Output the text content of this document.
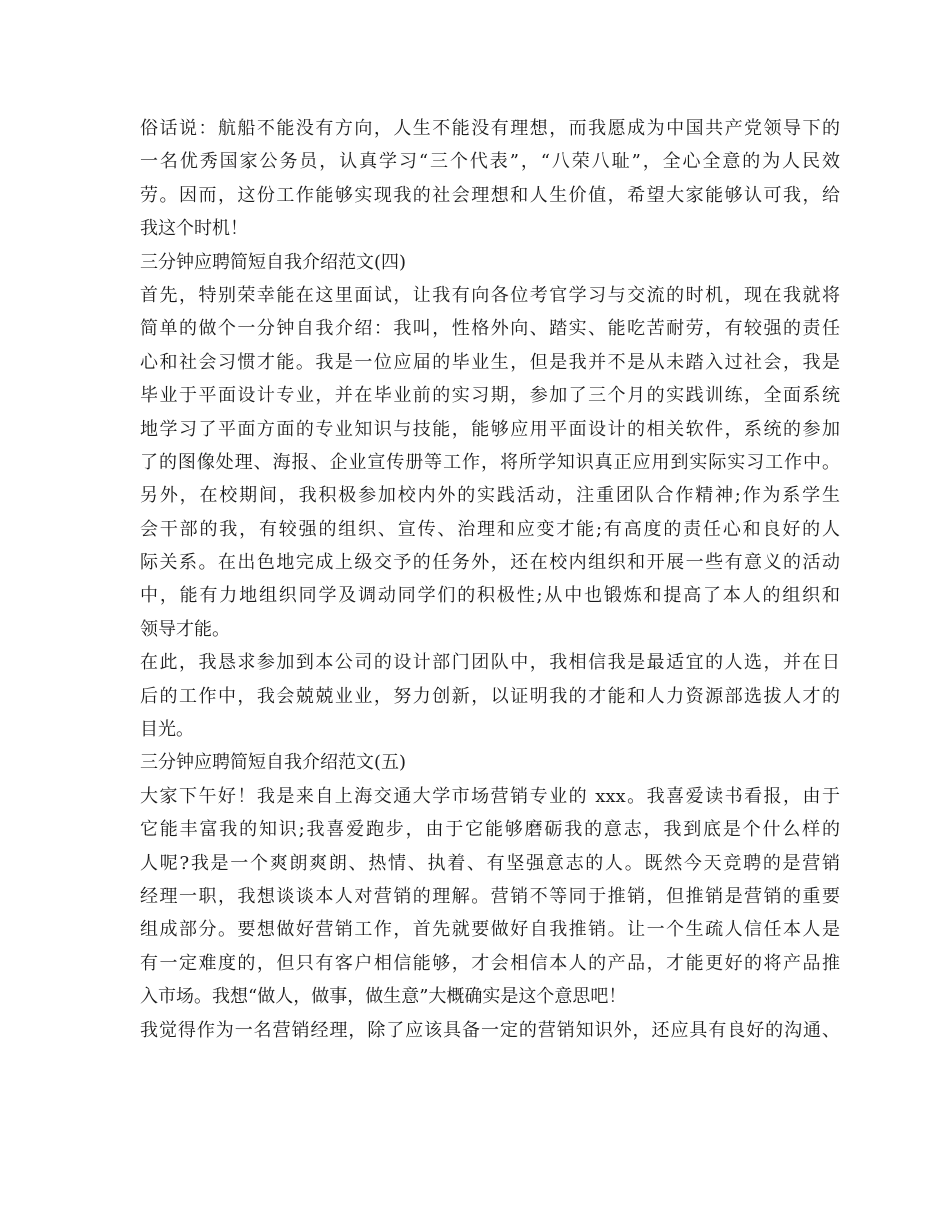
俗话说：航船不能没有方向，人生不能没有理想，而我愿成为中国共产党领导下的
一名优秀国家公务员，认真学习“三个代表”，“八荣八耻”，全心全意的为人民效
劳。因而，这份工作能够实现我的社会理想和人生价值，希望大家能够认可我，给
我这个时机！
三分钟应聘简短自我介绍范文(四)
首先，特别荣幸能在这里面试，让我有向各位考官学习与交流的时机，现在我就将
简单的做个一分钟自我介绍：我叫，性格外向、踏实、能吃苦耐劳，有较强的责任
心和社会习惯才能。我是一位应届的毕业生，但是我并不是从未踏入过社会，我是
毕业于平面设计专业，并在毕业前的实习期，参加了三个月的实践训练，全面系统
地学习了平面方面的专业知识与技能，能够应用平面设计的相关软件，系统的参加
了的图像处理、海报、企业宣传册等工作，将所学知识真正应用到实际实习工作中。
另外，在校期间，我积极参加校内外的实践活动，注重团队合作精神;作为系学生
会干部的我，有较强的组织、宣传、治理和应变才能;有高度的责任心和良好的人
际关系。在出色地完成上级交予的任务外，还在校内组织和开展一些有意义的活动
中，能有力地组织同学及调动同学们的积极性;从中也锻炼和提高了本人的组织和
领导才能。
在此，我恳求参加到本公司的设计部门团队中，我相信我是最适宜的人选，并在日
后的工作中，我会兢兢业业，努力创新，以证明我的才能和人力资源部选拔人才的
目光。
三分钟应聘简短自我介绍范文(五)
大家下午好！我是来自上海交通大学市场营销专业的 xxx。我喜爱读书看报，由于
它能丰富我的知识;我喜爱跑步，由于它能够磨砺我的意志，我到底是个什么样的
人呢?我是一个爽朗爽朗、热情、执着、有坚强意志的人。既然今天竞聘的是营销
经理一职，我想谈谈本人对营销的理解。营销不等同于推销，但推销是营销的重要
组成部分。要想做好营销工作，首先就要做好自我推销。让一个生疏人信任本人是
有一定难度的，但只有客户相信能够，才会相信本人的产品，才能更好的将产品推
入市场。我想“做人，做事，做生意”大概确实是这个意思吧！
我觉得作为一名营销经理，除了应该具备一定的营销知识外，还应具有良好的沟通、
